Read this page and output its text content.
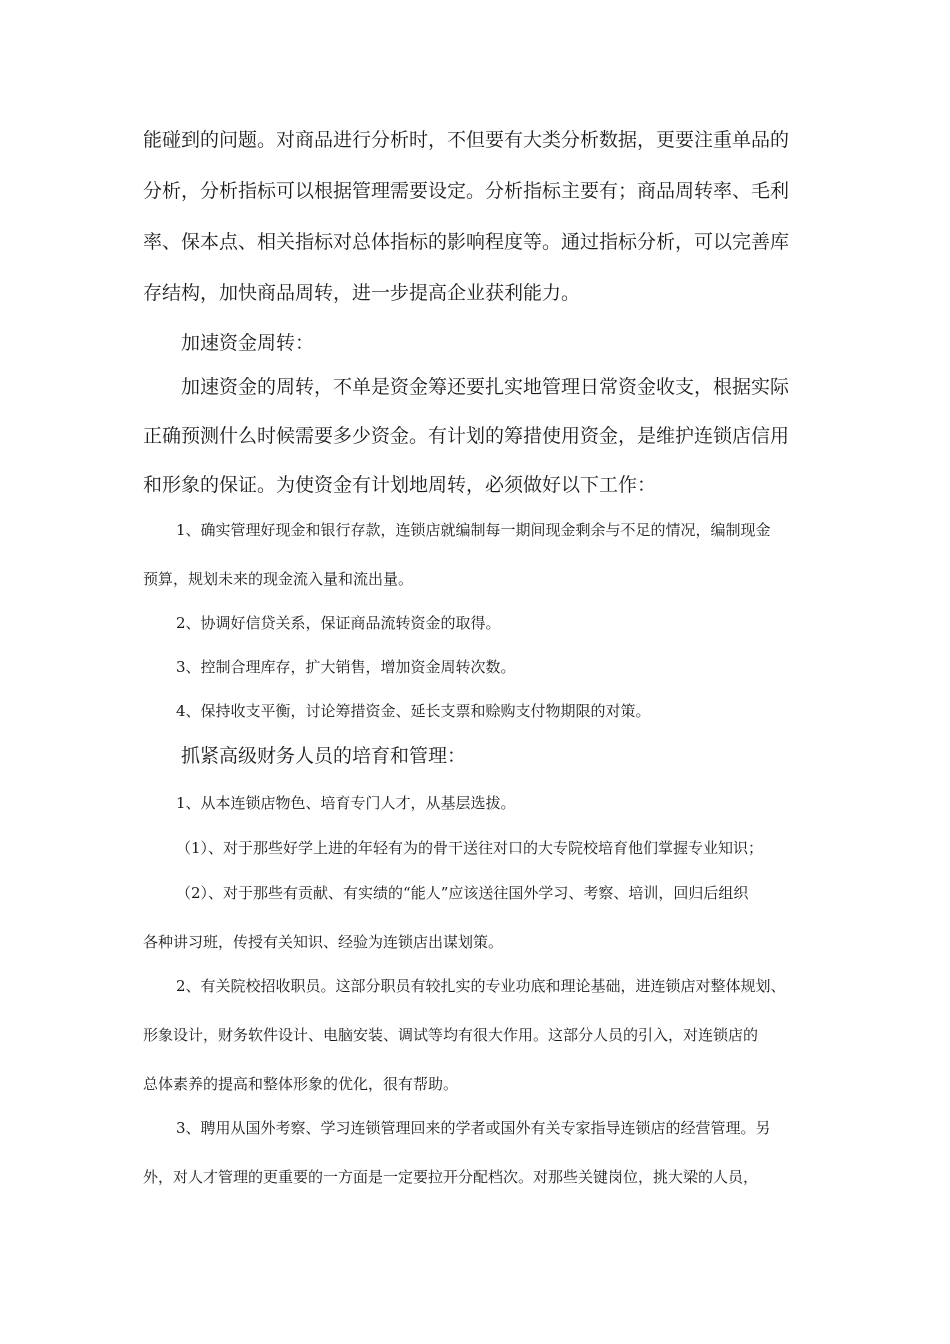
能碰到的问题。对商品进行分析时，不但要有大类分析数据，更要注重单品的
分析，分析指标可以根据管理需要设定。分析指标主要有；商品周转率、毛利
率、保本点、相关指标对总体指标的影响程度等。通过指标分析，可以完善库
存结构，加快商品周转，进一步提高企业获利能力。
加速资金周转：
加速资金的周转，不单是资金筹还要扎实地管理日常资金收支，根据实际
正确预测什么时候需要多少资金。有计划的筹措使用资金，是维护连锁店信用
和形象的保证。为使资金有计划地周转，必须做好以下工作：
1、确实管理好现金和银行存款，连锁店就编制每一期间现金剩余与不足的情况，编制现金
预算，规划未来的现金流入量和流出量。
2、协调好信贷关系，保证商品流转资金的取得。
3、控制合理库存，扩大销售，增加资金周转次数。
4、保持收支平衡，讨论筹措资金、延长支票和赊购支付物期限的对策。
抓紧高级财务人员的培育和管理：
1、从本连锁店物色、培育专门人才，从基层选拔。
（1）、对于那些好学上进的年轻有为的骨干送往对口的大专院校培育他们掌握专业知识；
（2）、对于那些有贡献、有实绩的“能人”应该送往国外学习、考察、培训，回归后组织
各种讲习班，传授有关知识、经验为连锁店出谋划策。
2、有关院校招收职员。这部分职员有较扎实的专业功底和理论基础，进连锁店对整体规划、
形象设计，财务软件设计、电脑安装、调试等均有很大作用。这部分人员的引入，对连锁店的
总体素养的提高和整体形象的优化，很有帮助。
3、聘用从国外考察、学习连锁管理回来的学者或国外有关专家指导连锁店的经营管理。另
外，对人才管理的更重要的一方面是一定要拉开分配档次。对那些关键岗位，挑大梁的人员，
